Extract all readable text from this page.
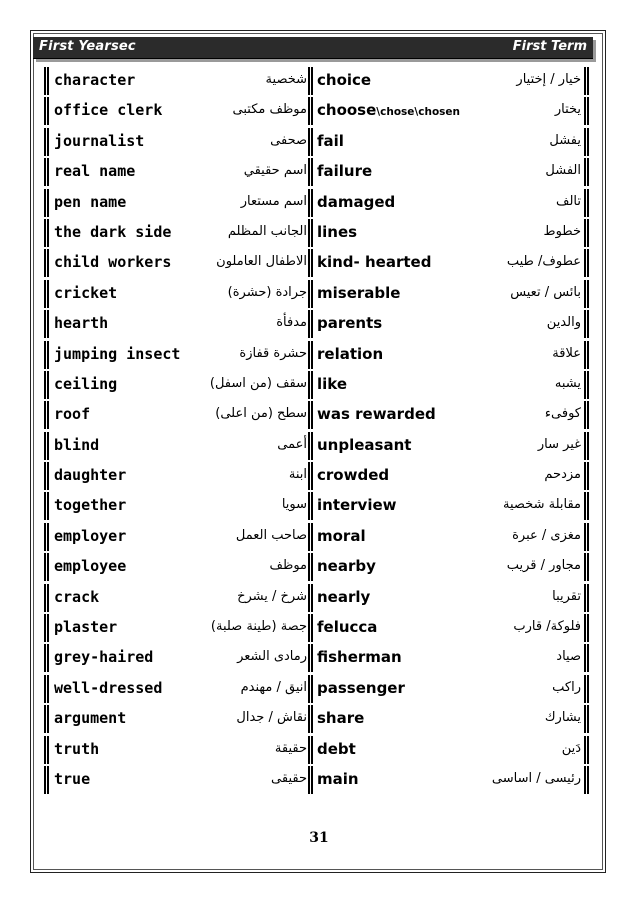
First Yearsec	First Term
character	شخصية choice	خيار / إختيار
office clerk	موظف مكتبى choose\chose\chosen	يختار
journalist	صحفى fail	يفشل
real name	اسم حقيقي failure	الفشل
pen name	اسم مستعار damaged	تالف
the dark side	الجانب المظلم lines	خطوط
child workers	الاطفال العاملون kind- hearted	عطوف/ طيب
cricket	جرادة (حشرة) miserable	بائس / تعيس
hearth	مدفأة parents	والدين
jumping insect	حشرة قفازة relation	علاقة
ceiling	سقف (من اسفل) like	يشبه
roof	سطح (من اعلى) was rewarded	كوفىء
blind	أعمى unpleasant	غير سار
daughter	ابنة crowded	مزدحم
together	سويا interview	مقابلة شخصية
employer	صاحب العمل moral	مغزى / عبرة
employee	موظف nearby	مجاور / قريب
crack	شرخ / يشرخ nearly	تقريبا
plaster	جصة (طينة صلبة) felucca	فلوكة/ قارب
grey-haired	رمادى الشعر fisherman	صياد
well-dressed	انيق / مهندم passenger	راكب
argument	نقاش / جدال share	يشارك
truth	حقيقة debt	دَين
true	حقيقى main	رئيسى / اساسى
31
